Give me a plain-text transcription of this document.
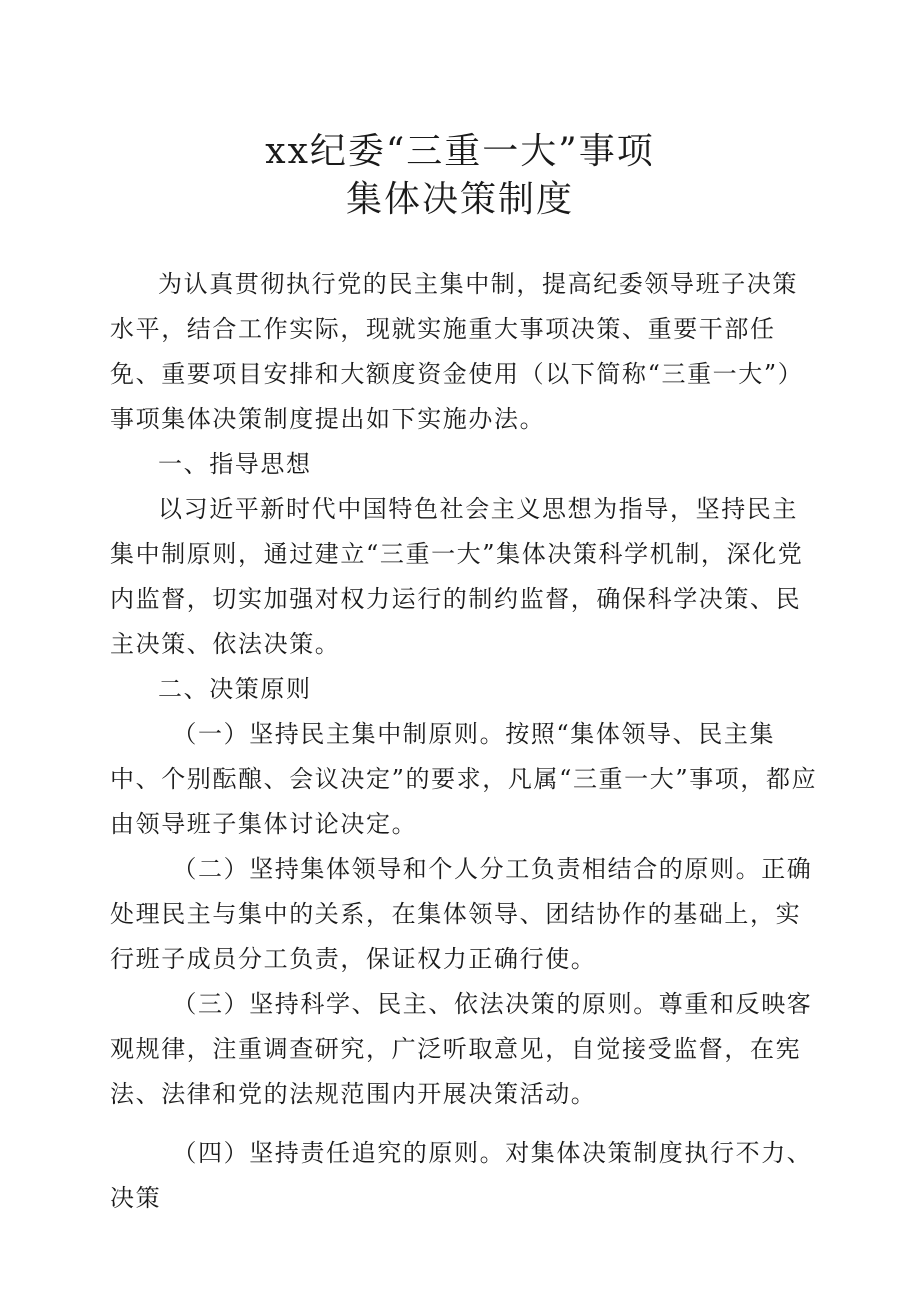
xx纪委“三重一大”事项
集体决策制度

为认真贯彻执行党的民主集中制，提高纪委领导班子决策水平，结合工作实际，现就实施重大事项决策、重要干部任免、重要项目安排和大额度资金使用（以下简称“三重一大”）事项集体决策制度提出如下实施办法。

一、指导思想

以习近平新时代中国特色社会主义思想为指导，坚持民主集中制原则，通过建立“三重一大”集体决策科学机制，深化党内监督，切实加强对权力运行的制约监督，确保科学决策、民主决策、依法决策。

二、决策原则

（一）坚持民主集中制原则。按照“集体领导、民主集中、个别酝酿、会议决定”的要求，凡属“三重一大”事项，都应由领导班子集体讨论决定。

（二）坚持集体领导和个人分工负责相结合的原则。正确处理民主与集中的关系，在集体领导、团结协作的基础上，实行班子成员分工负责，保证权力正确行使。

（三）坚持科学、民主、依法决策的原则。尊重和反映客观规律，注重调查研究，广泛听取意见，自觉接受监督，在宪法、法律和党的法规范围内开展决策活动。

（四）坚持责任追究的原则。对集体决策制度执行不力、决策
